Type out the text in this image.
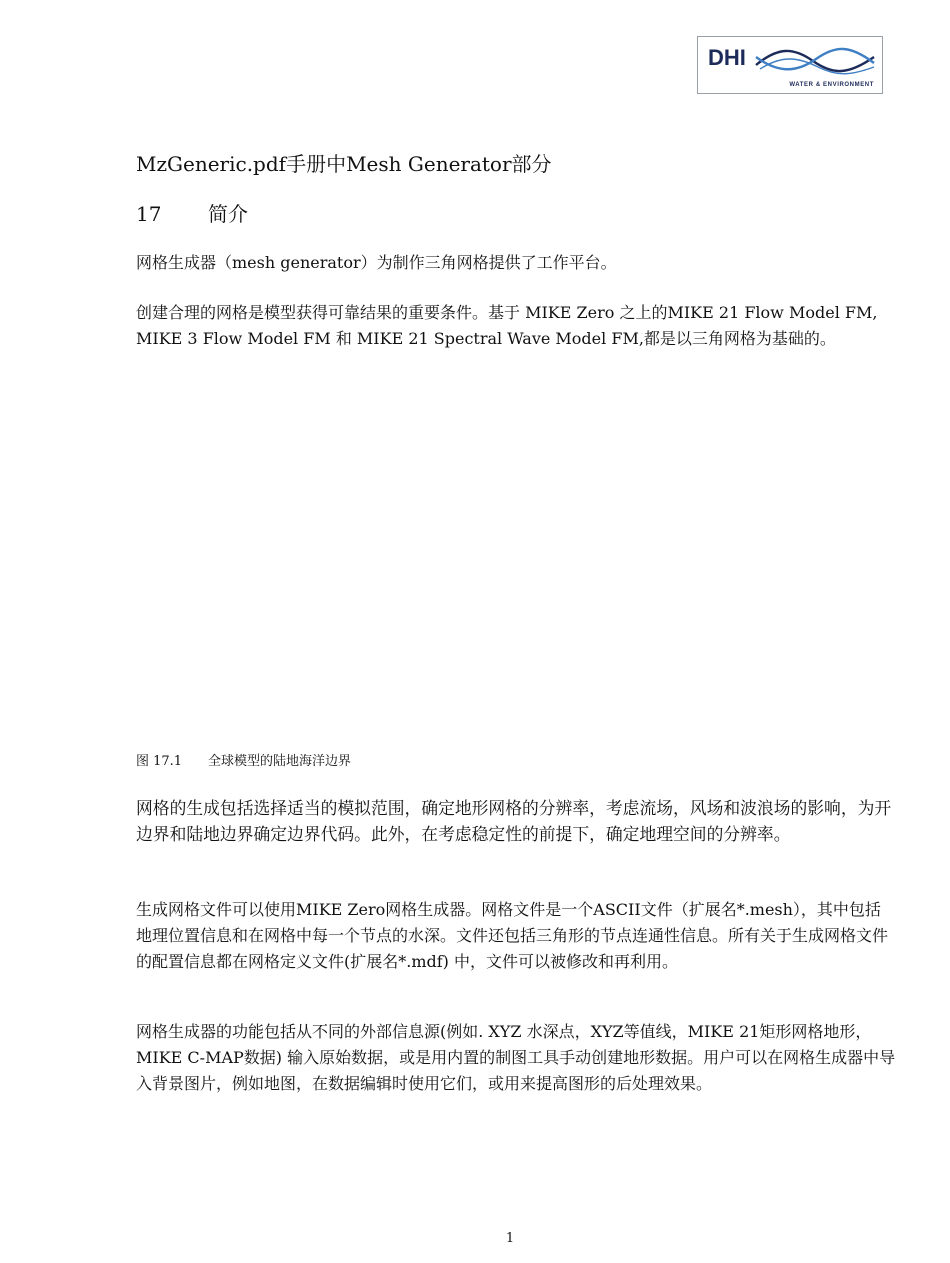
DHI
WATER & ENVIRONMENT
MzGeneric.pdf手册中Mesh Generator部分
17 简介

网格生成器（mesh generator）为制作三角网格提供了工作平台。

创建合理的网格是模型获得可靠结果的重要条件。基于 MIKE Zero 之上的MIKE 21 Flow Model FM, MIKE 3 Flow Model FM 和 MIKE 21 Spectral Wave Model FM,都是以三角网格为基础的。

图 17.1 全球模型的陆地海洋边界

网格的生成包括选择适当的模拟范围，确定地形网格的分辨率，考虑流场，风场和波浪场的影响，为开边界和陆地边界确定边界代码。此外，在考虑稳定性的前提下，确定地理空间的分辨率。

生成网格文件可以使用MIKE Zero网格生成器。网格文件是一个ASCII文件（扩展名*.mesh），其中包括地理位置信息和在网格中每一个节点的水深。文件还包括三角形的节点连通性信息。所有关于生成网格文件的配置信息都在网格定义文件(扩展名*.mdf) 中，文件可以被修改和再利用。

网格生成器的功能包括从不同的外部信息源(例如. XYZ 水深点，XYZ等值线，MIKE 21矩形网格地形，MIKE C-MAP数据) 输入原始数据，或是用内置的制图工具手动创建地形数据。用户可以在网格生成器中导入背景图片，例如地图，在数据编辑时使用它们，或用来提高图形的后处理效果。

1
